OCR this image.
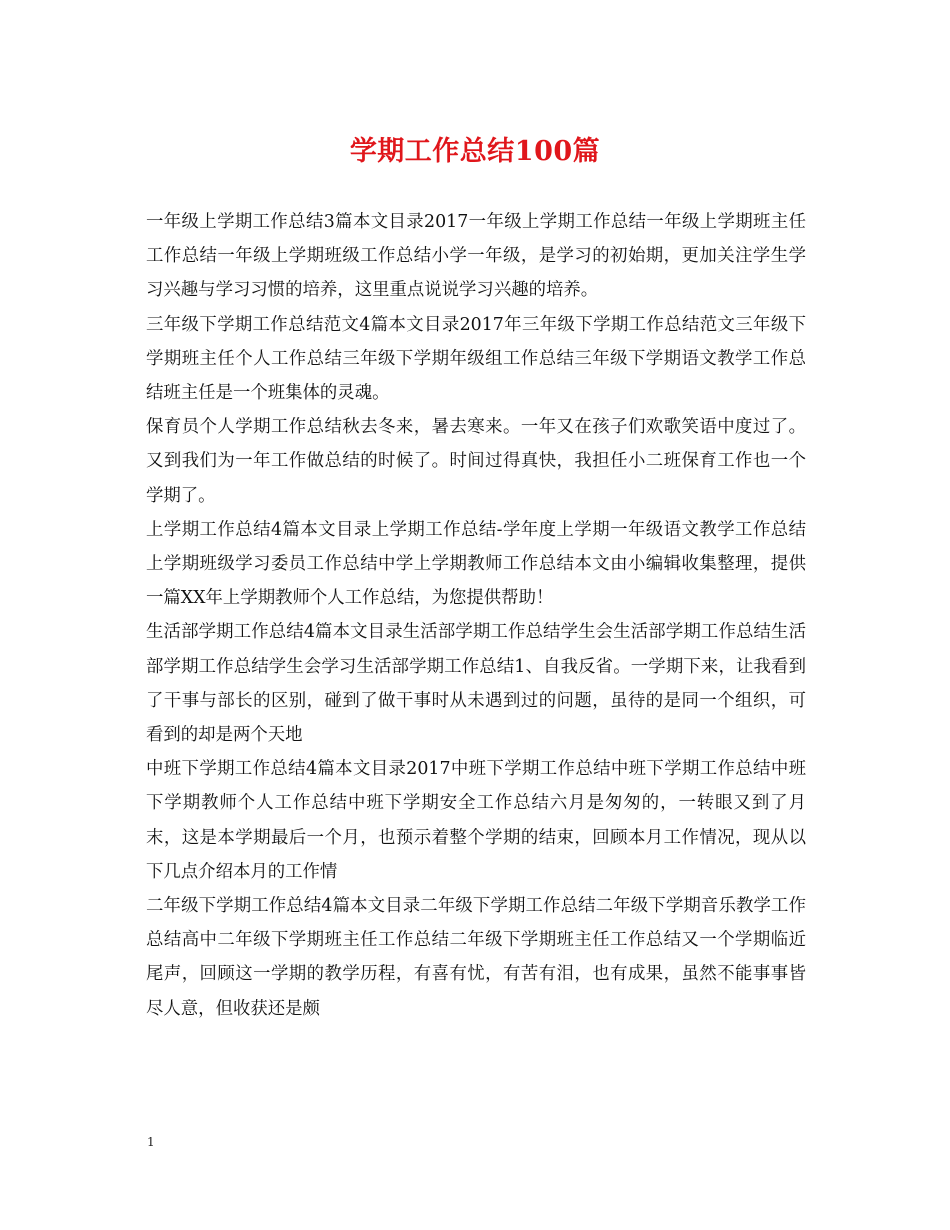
学期工作总结100篇

一年级上学期工作总结3篇本文目录2017一年级上学期工作总结一年级上学期班主任工作总结一年级上学期班级工作总结小学一年级，是学习的初始期，更加关注学生学习兴趣与学习习惯的培养，这里重点说说学习兴趣的培养。

三年级下学期工作总结范文4篇本文目录2017年三年级下学期工作总结范文三年级下学期班主任个人工作总结三年级下学期年级组工作总结三年级下学期语文教学工作总结班主任是一个班集体的灵魂。

保育员个人学期工作总结秋去冬来，暑去寒来。一年又在孩子们欢歌笑语中度过了。又到我们为一年工作做总结的时候了。时间过得真快，我担任小二班保育工作也一个学期了。

上学期工作总结4篇本文目录上学期工作总结-学年度上学期一年级语文教学工作总结上学期班级学习委员工作总结中学上学期教师工作总结本文由小编辑收集整理，提供一篇XX年上学期教师个人工作总结，为您提供帮助！

生活部学期工作总结4篇本文目录生活部学期工作总结学生会生活部学期工作总结生活部学期工作总结学生会学习生活部学期工作总结1、自我反省。一学期下来，让我看到了干事与部长的区别，碰到了做干事时从未遇到过的问题，虽待的是同一个组织，可看到的却是两个天地

中班下学期工作总结4篇本文目录2017中班下学期工作总结中班下学期工作总结中班下学期教师个人工作总结中班下学期安全工作总结六月是匆匆的，一转眼又到了月末，这是本学期最后一个月，也预示着整个学期的结束，回顾本月工作情况，现从以下几点介绍本月的工作情

二年级下学期工作总结4篇本文目录二年级下学期工作总结二年级下学期音乐教学工作总结高中二年级下学期班主任工作总结二年级下学期班主任工作总结又一个学期临近尾声，回顾这一学期的教学历程，有喜有忧，有苦有泪，也有成果，虽然不能事事皆尽人意，但收获还是颇

1
